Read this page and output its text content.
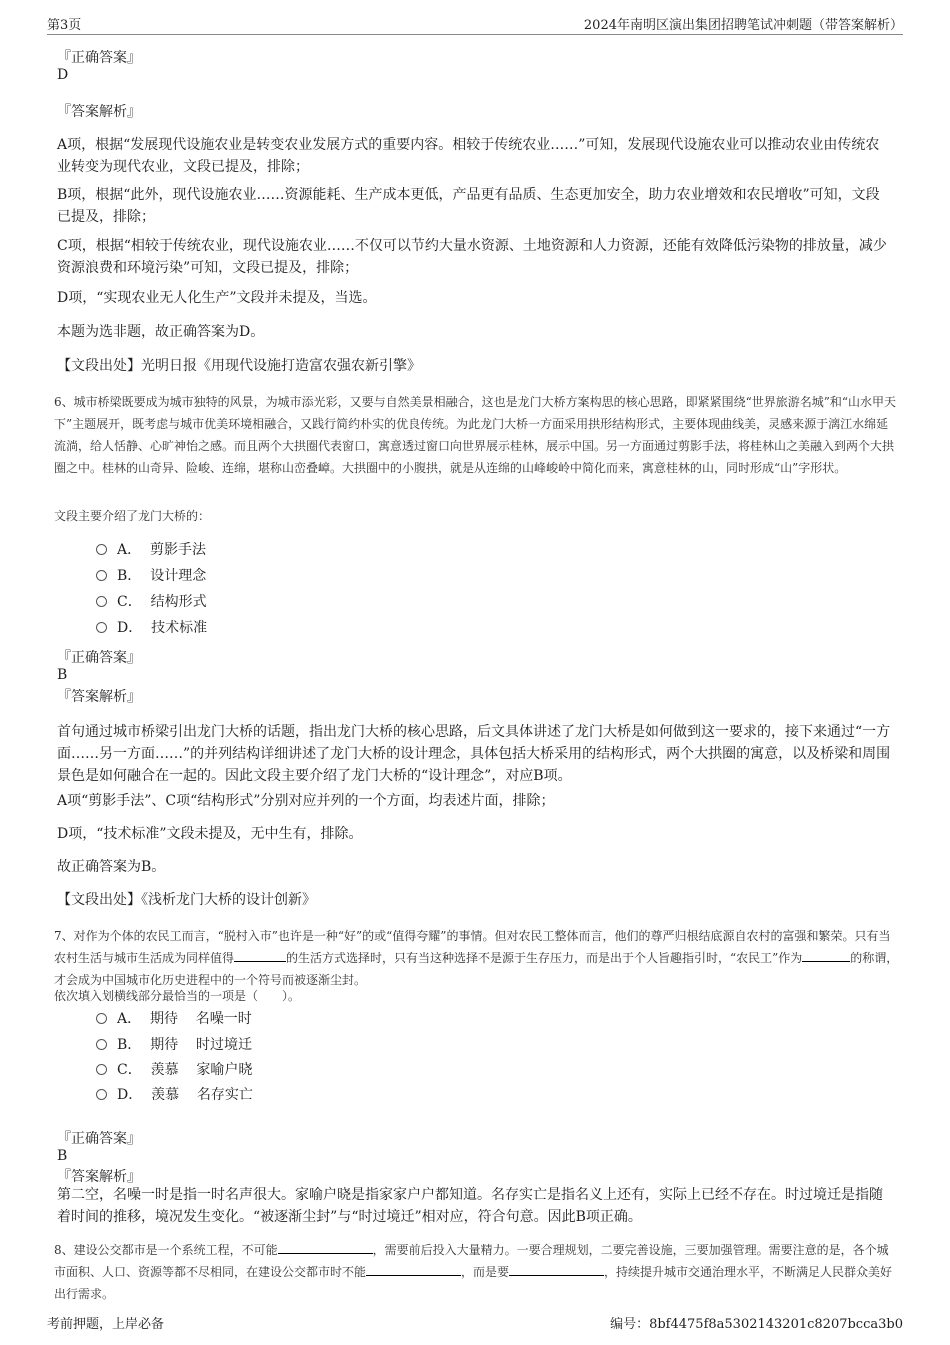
第3页	2024年南明区演出集团招聘笔试冲刺题（带答案解析）
『正确答案』
D
『答案解析』

A项，根据“发展现代设施农业是转变农业发展方式的重要内容。相较于传统农业……”可知，发展现代设施农业可以推动农业由传统农业转变为现代农业，文段已提及，排除；

B项，根据“此外，现代设施农业……资源能耗、生产成本更低，产品更有品质、生态更加安全，助力农业增效和农民增收”可知，文段已提及，排除；

C项，根据“相较于传统农业，现代设施农业……不仅可以节约大量水资源、土地资源和人力资源，还能有效降低污染物的排放量，减少资源浪费和环境污染”可知，文段已提及，排除；

D项，“实现农业无人化生产”文段并未提及，当选。

本题为选非题，故正确答案为D。

【文段出处】光明日报《用现代设施打造富农强农新引擎》

6、城市桥梁既要成为城市独特的风景，为城市添光彩，又要与自然美景相融合，这也是龙门大桥方案构思的核心思路，即紧紧围绕“世界旅游名城”和“山水甲天下”主题展开，既考虑与城市优美环境相融合，又践行简约朴实的优良传统。为此龙门大桥一方面采用拱形结构形式，主要体现曲线美，灵感来源于漓江水绵延流淌，给人恬静、心旷神怡之感。而且两个大拱圈代表窗口，寓意透过窗口向世界展示桂林，展示中国。另一方面通过剪影手法，将桂林山之美融入到两个大拱圈之中。桂林的山奇异、险峻、连绵，堪称山峦叠嶂。大拱圈中的小腹拱，就是从连绵的山峰峻岭中简化而来，寓意桂林的山，同时形成“山”字形状。

文段主要介绍了龙门大桥的：

A．  剪影手法
B．  设计理念
C．  结构形式
D．  技术标准
『正确答案』
B
『答案解析』

首句通过城市桥梁引出龙门大桥的话题，指出龙门大桥的核心思路，后文具体讲述了龙门大桥是如何做到这一要求的，接下来通过“一方面……另一方面……”的并列结构详细讲述了龙门大桥的设计理念，具体包括大桥采用的结构形式，两个大拱圈的寓意，以及桥梁和周围景色是如何融合在一起的。因此文段主要介绍了龙门大桥的“设计理念”，对应B项。

A项“剪影手法”、C项“结构形式”分别对应并列的一个方面，均表述片面，排除；

D项，“技术标准”文段未提及，无中生有，排除。

故正确答案为B。

【文段出处】《浅析龙门大桥的设计创新》

7、对作为个体的农民工而言，“脱村入市”也许是一种“好”的或“值得夸耀”的事情。但对农民工整体而言，他们的尊严归根结底源自农村的富强和繁荣。只有当农村生活与城市生活成为同样值得	的生活方式选择时，只有当这种选择不是源于生存压力，而是出于个人旨趣指引时，“农民工”作为	的称谓，才会成为中国城市化历史进程中的一个符号而被逐渐尘封。

依次填入划横线部分最恰当的一项是（　　）。

A．  期待    名噪一时
B．  期待    时过境迁
C．  羡慕    家喻户晓
D．  羡慕    名存实亡
『正确答案』
B
『答案解析』

第二空，名噪一时是指一时名声很大。家喻户晓是指家家户户都知道。名存实亡是指名义上还有，实际上已经不存在。时过境迁是指随着时间的推移，境况发生变化。“被逐渐尘封”与“时过境迁”相对应，符合句意。因此B项正确。

8、建设公交都市是一个系统工程，不可能	，需要前后投入大量精力。一要合理规划，二要完善设施，三要加强管理。需要注意的是，各个城市面积、人口、资源等都不尽相同，在建设公交都市时不能	，而是要	，持续提升城市交通治理水平，不断满足人民群众美好出行需求。

考前押题，上岸必备	编号：8bf4475f8a5302143201c8207bcca3b0
